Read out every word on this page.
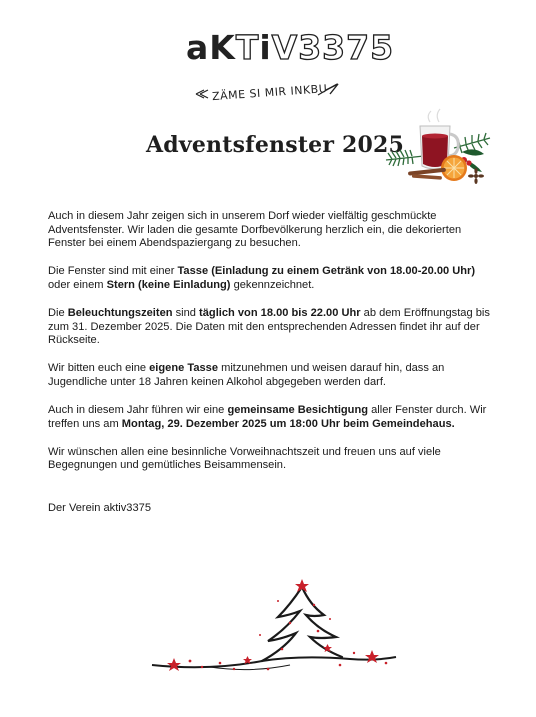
aKTiV3375
ZÄME SI MIR INKBU
Adventsfenster 2025

Auch in diesem Jahr zeigen sich in unserem Dorf wieder vielfältig geschmückte Adventsfenster. Wir laden die gesamte Dorfbevölkerung herzlich ein, die dekorierten Fenster bei einem Abendspaziergang zu besuchen.

Die Fenster sind mit einer Tasse (Einladung zu einem Getränk von 18.00-20.00 Uhr) oder einem Stern (keine Einladung) gekennzeichnet.

Die Beleuchtungszeiten sind täglich von 18.00 bis 22.00 Uhr ab dem Eröffnungstag bis zum 31. Dezember 2025. Die Daten mit den entsprechenden Adressen findet ihr auf der Rückseite.

Wir bitten euch eine eigene Tasse mitzunehmen und weisen darauf hin, dass an Jugendliche unter 18 Jahren keinen Alkohol abgegeben werden darf.

Auch in diesem Jahr führen wir eine gemeinsame Besichtigung aller Fenster durch. Wir treffen uns am Montag, 29. Dezember 2025 um 18:00 Uhr beim Gemeindehaus.

Wir wünschen allen eine besinnliche Vorweihnachtszeit und freuen uns auf viele Begegnungen und gemütliches Beisammensein.

Der Verein aktiv3375
